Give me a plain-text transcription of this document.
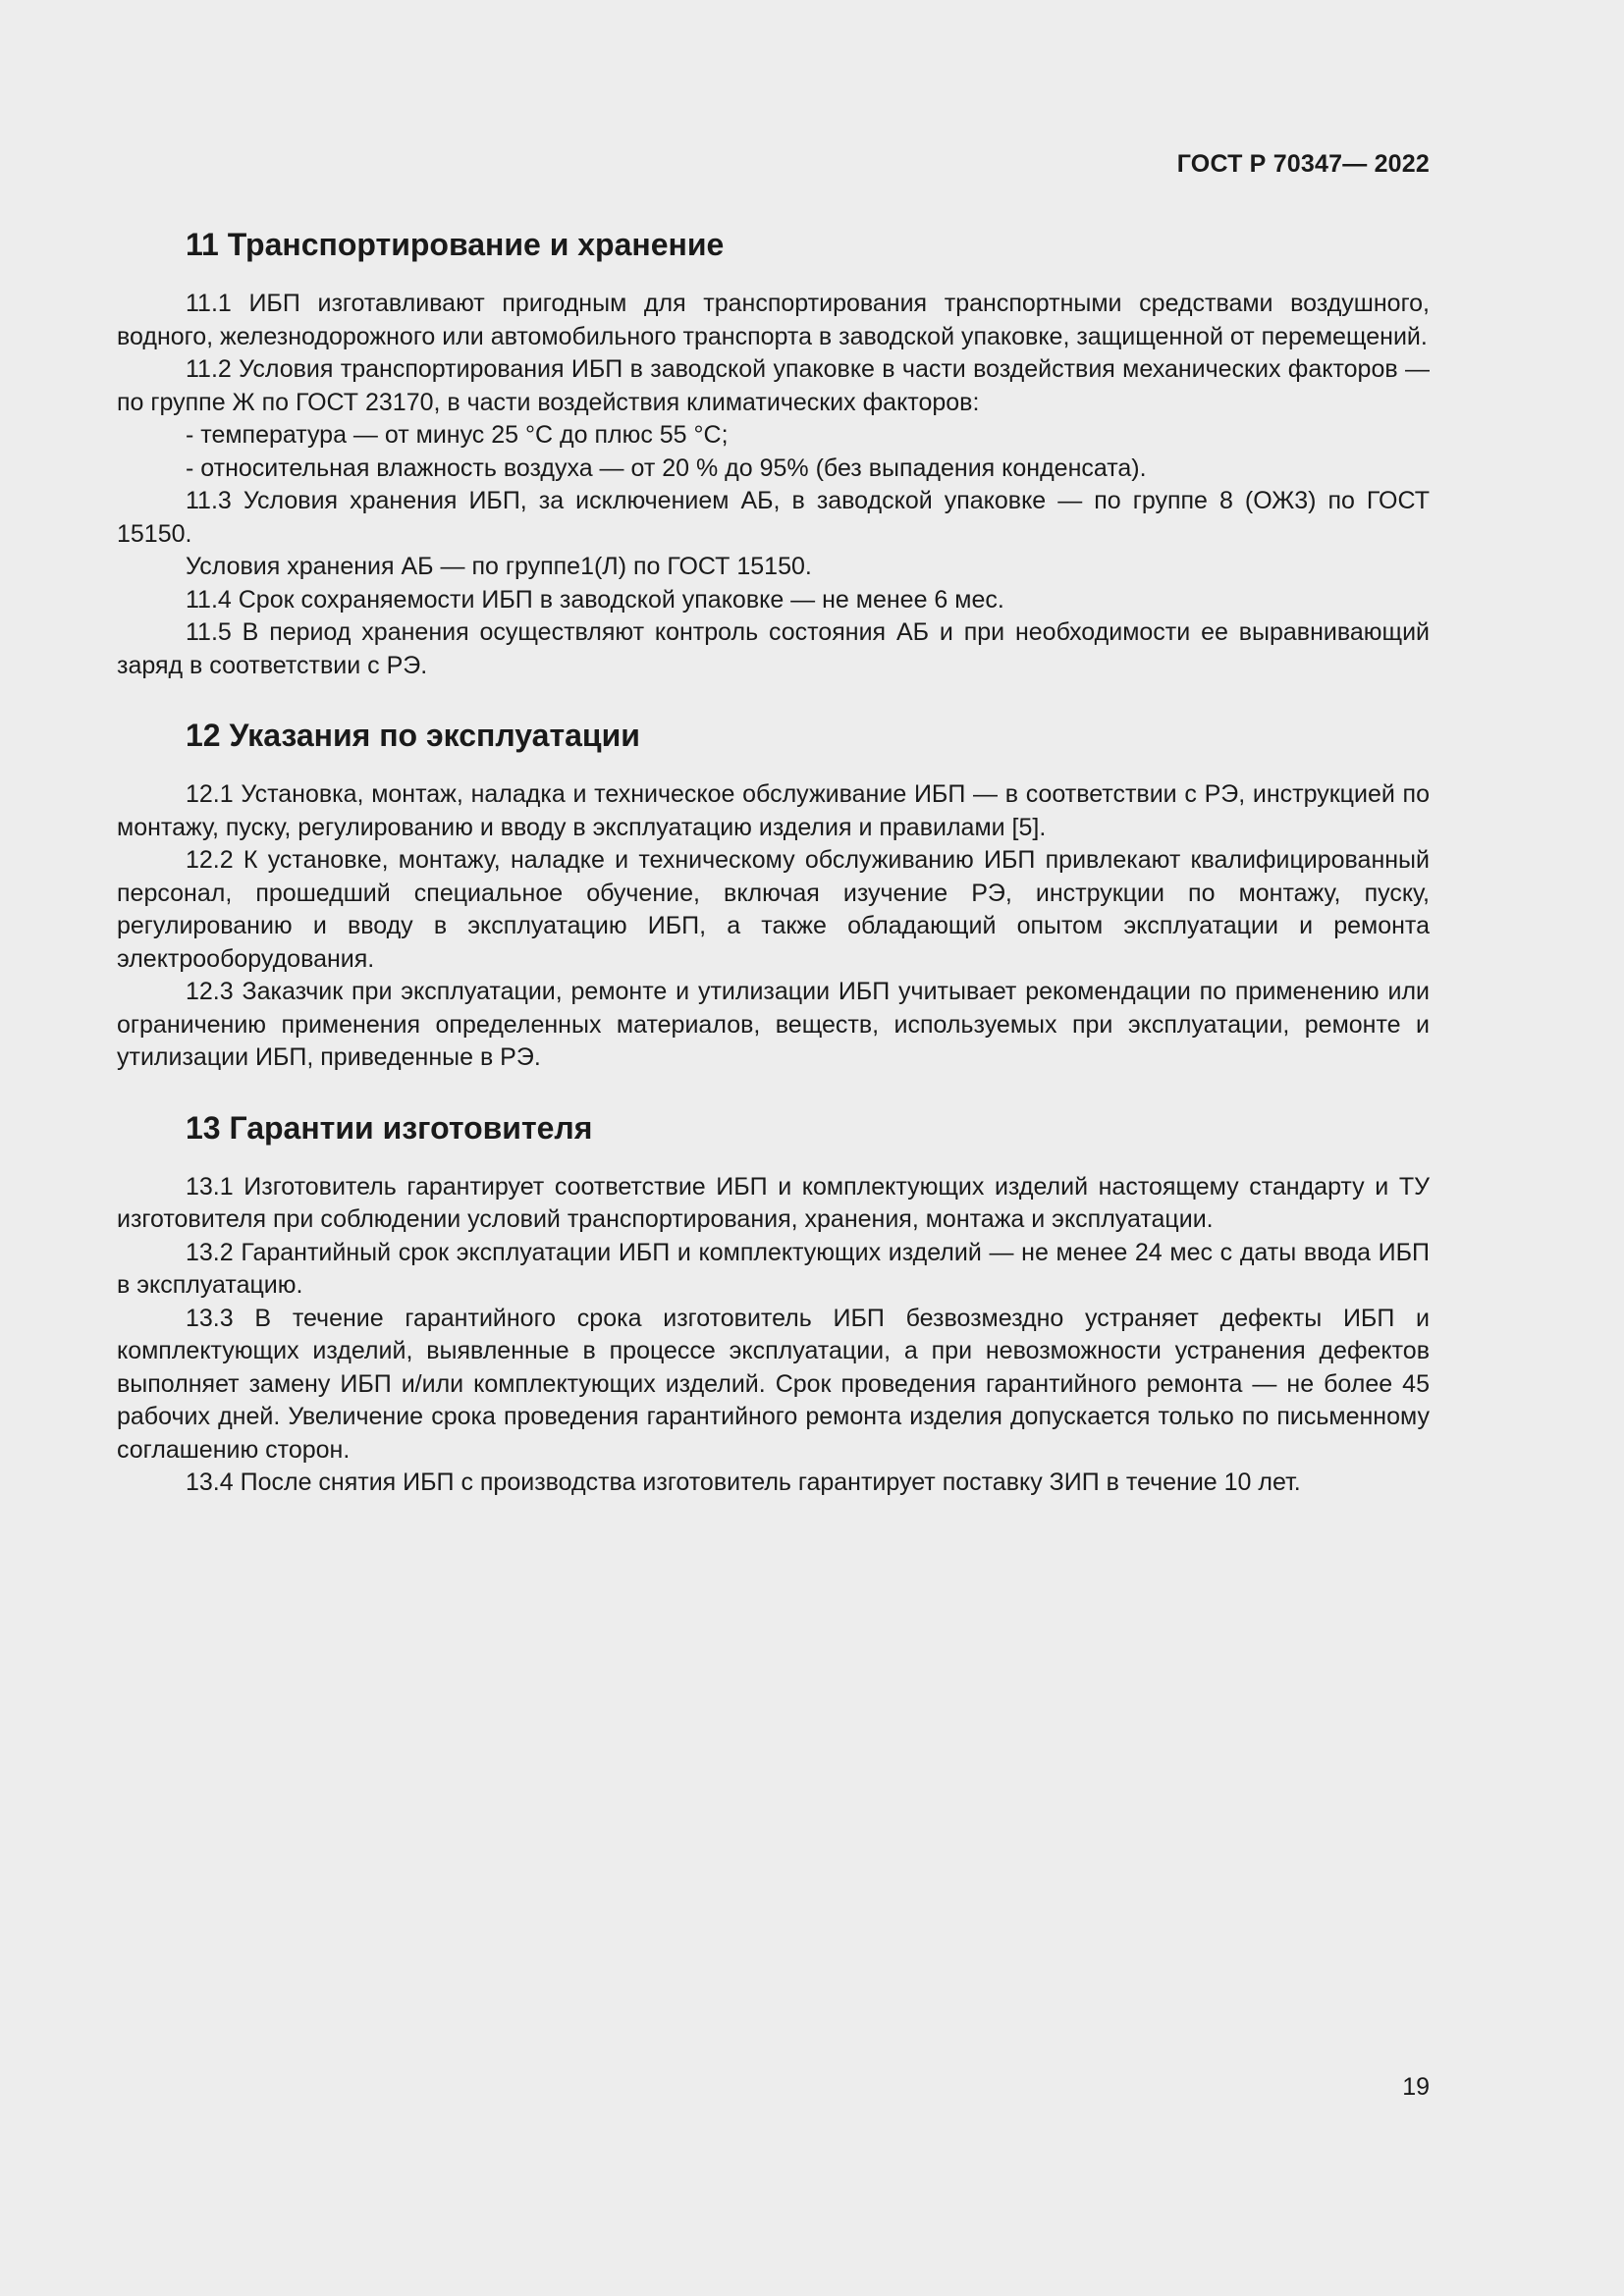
ГОСТ Р 70347— 2022
11 Транспортирование и хранение

11.1 ИБП изготавливают пригодным для транспортирования транспортными средствами воздушного, водного, железнодорожного или автомобильного транспорта в заводской упаковке, защищенной от перемещений.

11.2 Условия транспортирования ИБП в заводской упаковке в части воздействия механических факторов — по группе Ж по ГОСТ 23170, в части воздействия климатических факторов:

- температура — от минус 25 °С до плюс 55 °С;

- относительная влажность воздуха — от 20 % до 95% (без выпадения конденсата).

11.3 Условия хранения ИБП, за исключением АБ, в заводской упаковке — по группе 8 (ОЖ3) по ГОСТ 15150.

Условия хранения АБ — по группе1(Л) по ГОСТ 15150.

11.4 Срок сохраняемости ИБП в заводской упаковке — не менее 6 мес.

11.5 В период хранения осуществляют контроль состояния АБ и при необходимости ее выравнивающий заряд в соответствии с РЭ.

12 Указания по эксплуатации

12.1 Установка, монтаж, наладка и техническое обслуживание ИБП — в соответствии с РЭ, инструкцией по монтажу, пуску, регулированию и вводу в эксплуатацию изделия и правилами [5].

12.2 К установке, монтажу, наладке и техническому обслуживанию ИБП привлекают квалифицированный персонал, прошедший специальное обучение, включая изучение РЭ, инструкции по монтажу, пуску, регулированию и вводу в эксплуатацию ИБП, а также обладающий опытом эксплуатации и ремонта электрооборудования.

12.3 Заказчик при эксплуатации, ремонте и утилизации ИБП учитывает рекомендации по применению или ограничению применения определенных материалов, веществ, используемых при эксплуатации, ремонте и утилизации ИБП, приведенные в РЭ.

13 Гарантии изготовителя

13.1 Изготовитель гарантирует соответствие ИБП и комплектующих изделий настоящему стандарту и ТУ изготовителя при соблюдении условий транспортирования, хранения, монтажа и эксплуатации.

13.2 Гарантийный срок эксплуатации ИБП и комплектующих изделий — не менее 24 мес с даты ввода ИБП в эксплуатацию.

13.3 В течение гарантийного срока изготовитель ИБП безвозмездно устраняет дефекты ИБП и комплектующих изделий, выявленные в процессе эксплуатации, а при невозможности устранения дефектов выполняет замену ИБП и/или комплектующих изделий. Срок проведения гарантийного ремонта — не более 45 рабочих дней. Увеличение срока проведения гарантийного ремонта изделия допускается только по письменному соглашению сторон.

13.4 После снятия ИБП с производства изготовитель гарантирует поставку ЗИП в течение 10 лет.

19
